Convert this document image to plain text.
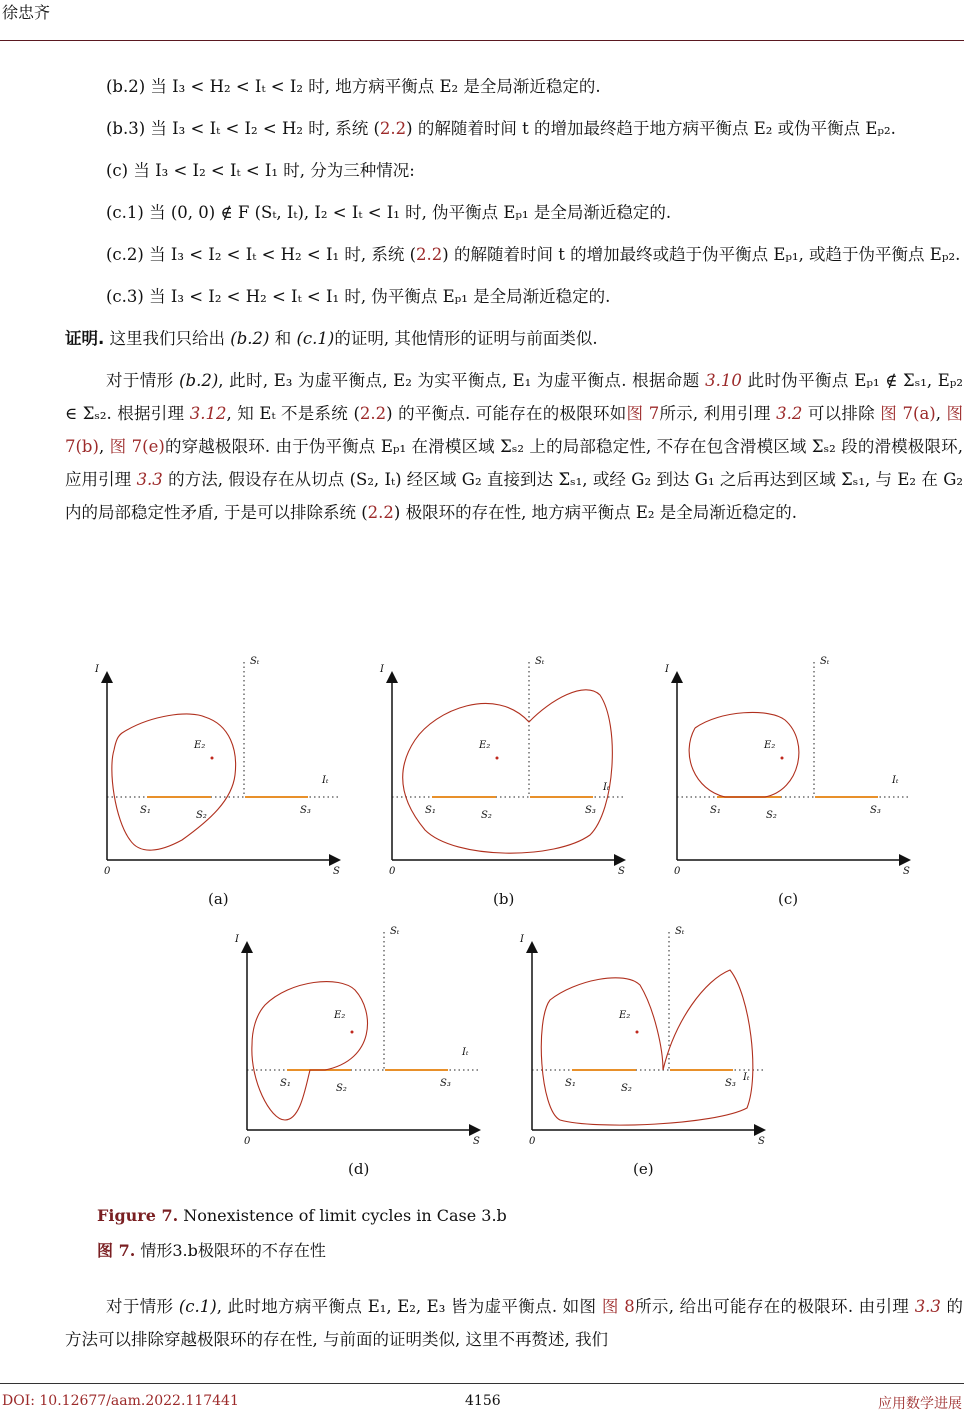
徐忠齐

(b.2) 当 I₃ < H₂ < Iₜ < I₂ 时, 地方病平衡点 E₂ 是全局渐近稳定的.

(b.3) 当 I₃ < Iₜ < I₂ < H₂ 时, 系统 (2.2) 的解随着时间 t 的增加最终趋于地方病平衡点 E₂ 或伪平衡点 Eₚ₂.

(c) 当 I₃ < I₂ < Iₜ < I₁ 时, 分为三种情况:

(c.1) 当 (0, 0) ∉ F (Sₜ, Iₜ), I₂ < Iₜ < I₁ 时, 伪平衡点 Eₚ₁ 是全局渐近稳定的.

(c.2) 当 I₃ < I₂ < Iₜ < H₂ < I₁ 时, 系统 (2.2) 的解随着时间 t 的增加最终或趋于伪平衡点 Eₚ₁, 或趋于伪平衡点 Eₚ₂.

(c.3) 当 I₃ < I₂ < H₂ < Iₜ < I₁ 时, 伪平衡点 Eₚ₁ 是全局渐近稳定的.

证明. 这里我们只给出 (b.2) 和 (c.1)的证明, 其他情形的证明与前面类似.

对于情形 (b.2), 此时, E₃ 为虚平衡点, E₂ 为实平衡点, E₁ 为虚平衡点. 根据命题 3.10 此时伪平衡点 Eₚ₁ ∉ Σₛ₁, Eₚ₂ ∈ Σₛ₂. 根据引理 3.12, 知 Eₜ 不是系统 (2.2) 的平衡点. 可能存在的极限环如图 7所示, 利用引理 3.2 可以排除 图 7(a), 图 7(b), 图 7(e)的穿越极限环. 由于伪平衡点 Eₚ₁ 在滑模区域 Σₛ₂ 上的局部稳定性, 不存在包含滑模区域 Σₛ₂ 段的滑模极限环, 应用引理 3.3 的方法, 假设存在从切点 (S₂, Iₜ) 经区域 G₂ 直接到达 Σ̄ₛ₁, 或经 G₂ 到达 G₁ 之后再达到区域 Σ̄ₛ₁, 与 E₂ 在 G₂ 内的局部稳定性矛盾, 于是可以排除系统 (2.2) 极限环的存在性, 地方病平衡点 E₂ 是全局渐近稳定的.

I
S
0
Sₜ
Iₜ
E₂
S₁	S₂	S₃
(a)
I
S
0
Sₜ
Iₜ
E₂
S₁	S₂	S₃
(b)
I
S
0
Sₜ
Iₜ
E₂
S₁	S₂	S₃
(c)
I
S
0
Sₜ
Iₜ
E₂
S₁	S₂	S₃
(d)
I
S
0
Sₜ
Iₜ
E₂
S₁	S₂	S₃
(e)
Figure 7. Nonexistence of limit cycles in Case 3.b
图 7. 情形3.b极限环的不存在性

对于情形 (c.1), 此时地方病平衡点 E₁, E₂, E₃ 皆为虚平衡点. 如图 图 8所示, 给出可能存在的极限环. 由引理 3.3 的方法可以排除穿越极限环的存在性, 与前面的证明类似, 这里不再赘述, 我们

DOI: 10.12677/aam.2022.117441	4156	应用数学进展
